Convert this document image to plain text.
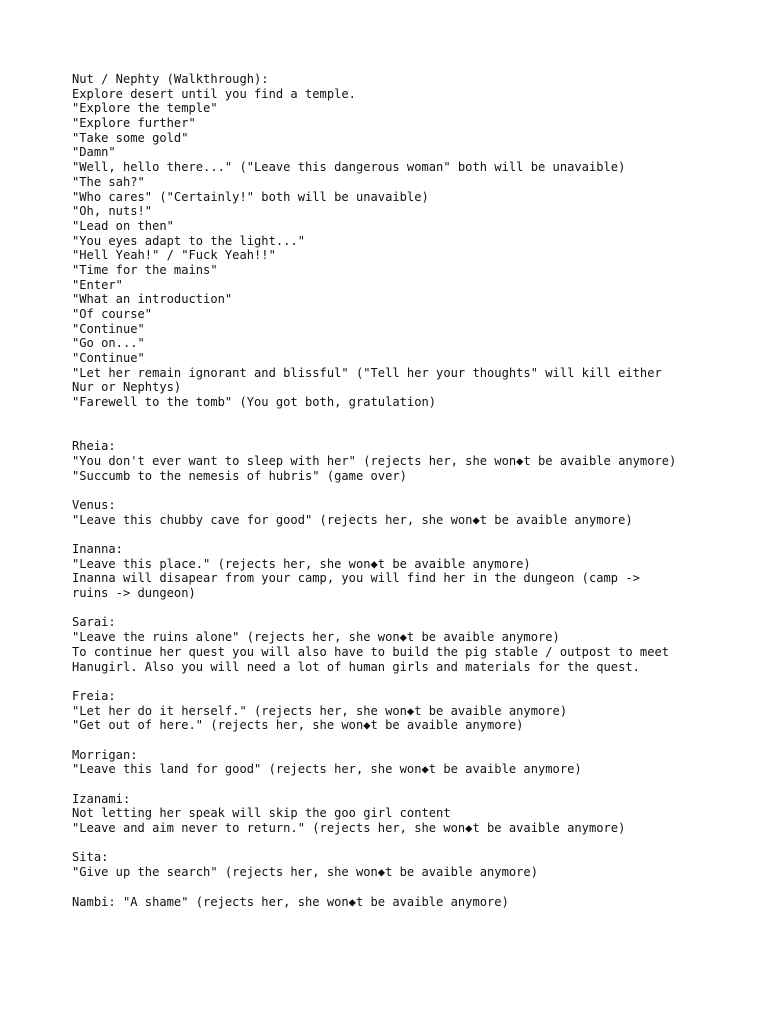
Nut / Nephty (Walkthrough):
Explore desert until you find a temple.
"Explore the temple"
"Explore further"
"Take some gold"
"Damn"
"Well, hello there..." ("Leave this dangerous woman" both will be unavaible)
"The sah?"
"Who cares" ("Certainly!" both will be unavaible)
"Oh, nuts!"
"Lead on then"
"You eyes adapt to the light..."
"Hell Yeah!" / "Fuck Yeah!!"
"Time for the mains"
"Enter"
"What an introduction"
"Of course"
"Continue"
"Go on..."
"Continue"
"Let her remain ignorant and blissful" ("Tell her your thoughts" will kill either
Nur or Nephtys)
"Farewell to the tomb" (You got both, gratulation)
Rheia:
"You don't ever want to sleep with her" (rejects her, she won◆t be avaible anymore)
"Succumb to the nemesis of hubris" (game over)
Venus:
"Leave this chubby cave for good" (rejects her, she won◆t be avaible anymore)
Inanna:
"Leave this place." (rejects her, she won◆t be avaible anymore)
Inanna will disapear from your camp, you will find her in the dungeon (camp ->
ruins -> dungeon)
Sarai:
"Leave the ruins alone" (rejects her, she won◆t be avaible anymore)
To continue her quest you will also have to build the pig stable / outpost to meet
Hanugirl. Also you will need a lot of human girls and materials for the quest.
Freia:
"Let her do it herself." (rejects her, she won◆t be avaible anymore)
"Get out of here." (rejects her, she won◆t be avaible anymore)
Morrigan:
"Leave this land for good" (rejects her, she won◆t be avaible anymore)
Izanami:
Not letting her speak will skip the goo girl content
"Leave and aim never to return." (rejects her, she won◆t be avaible anymore)
Sita:
"Give up the search" (rejects her, she won◆t be avaible anymore)
Nambi: "A shame" (rejects her, she won◆t be avaible anymore)
